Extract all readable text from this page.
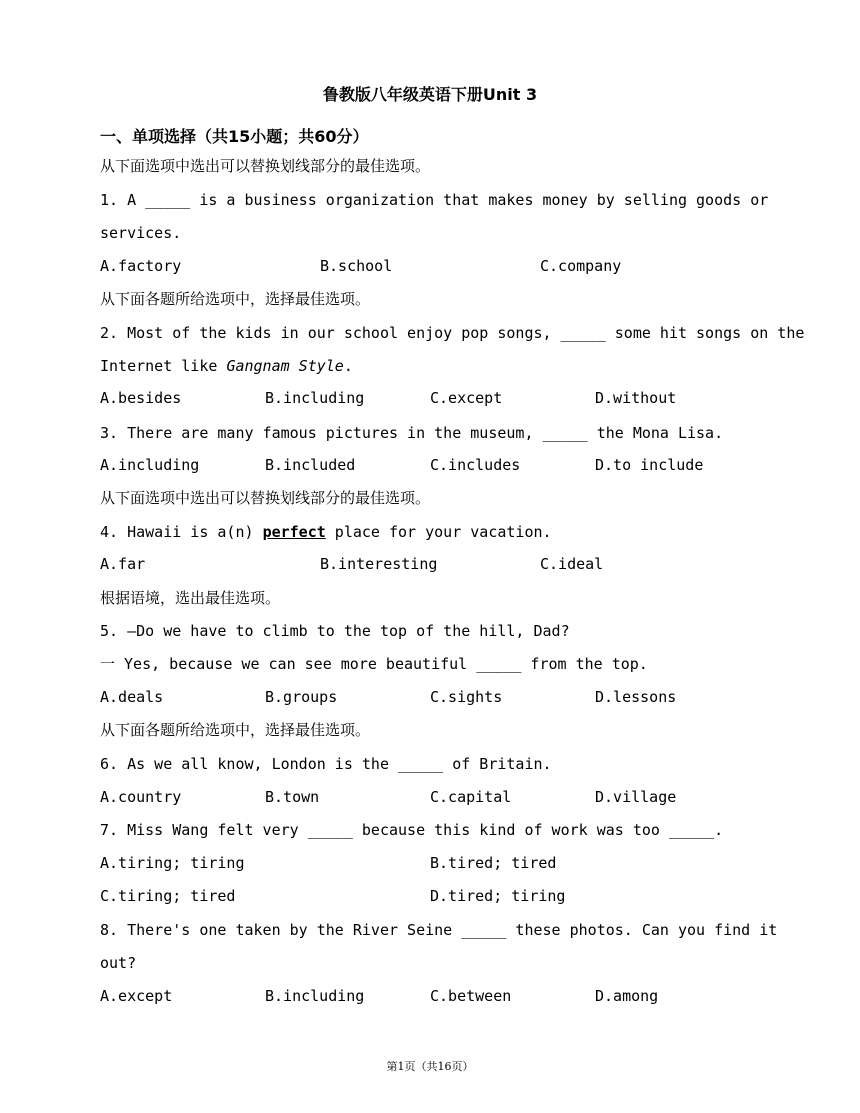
鲁教版八年级英语下册Unit 3
一、单项选择（共15小题；共60分）
从下面选项中选出可以替换划线部分的最佳选项。
1. A _____ is a business organization that makes money by selling goods or
services.
A.factory	B.school	C.company
从下面各题所给选项中，选择最佳选项。
2. Most of the kids in our school enjoy pop songs, _____ some hit songs on the
Internet like Gangnam Style.
A.besides	B.including	C.except	D.without
3. There are many famous pictures in the museum, _____ the Mona Lisa.
A.including	B.included	C.includes	D.to include
从下面选项中选出可以替换划线部分的最佳选项。
4. Hawaii is a(n) perfect place for your vacation.
A.far	B.interesting	C.ideal
根据语境，选出最佳选项。
5. —Do we have to climb to the top of the hill, Dad?
一 Yes, because we can see more beautiful _____ from the top.
A.deals	B.groups	C.sights	D.lessons
从下面各题所给选项中，选择最佳选项。
6. As we all know, London is the _____ of Britain.
A.country	B.town	C.capital	D.village
7. Miss Wang felt very _____ because this kind of work was too _____.
A.tiring; tiring	B.tired; tired
C.tiring; tired	D.tired; tiring
8. There's one taken by the River Seine _____ these photos. Can you find it
out?
A.except	B.including	C.between	D.among
第1页（共16页）
